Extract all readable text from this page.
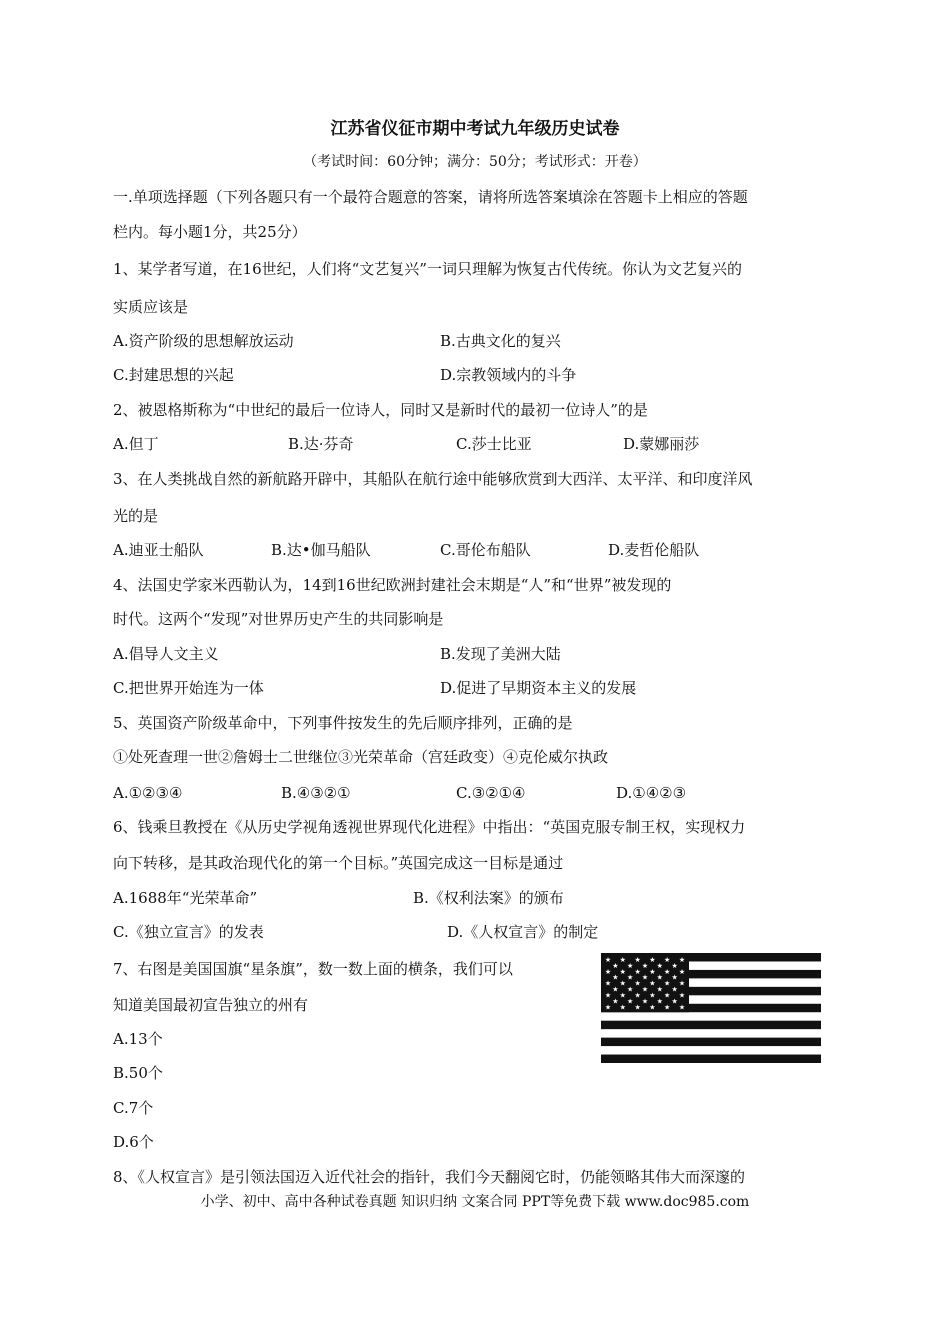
江苏省仪征市期中考试九年级历史试卷
（考试时间：60分钟；满分：50分；考试形式：开卷）
一.单项选择题（下列各题只有一个最符合题意的答案，请将所选答案填涂在答题卡上相应的答题
栏内。每小题1分，共25分）
1、某学者写道，在16世纪，人们将“文艺复兴”一词只理解为恢复古代传统。你认为文艺复兴的
实质应该是
A.资产阶级的思想解放运动	B.古典文化的复兴
C.封建思想的兴起	D.宗教领域内的斗争
2、被恩格斯称为“中世纪的最后一位诗人，同时又是新时代的最初一位诗人”的是
A.但丁	B.达·芬奇	C.莎士比亚	D.蒙娜丽莎
3、在人类挑战自然的新航路开辟中，其船队在航行途中能够欣赏到大西洋、太平洋、和印度洋风
光的是
A.迪亚士船队	B.达•伽马船队	C.哥伦布船队	D.麦哲伦船队
4、法国史学家米西勒认为，14到16世纪欧洲封建社会末期是“人”和“世界”被发现的
时代。这两个“发现”对世界历史产生的共同影响是
A.倡导人文主义	B.发现了美洲大陆
C.把世界开始连为一体	D.促进了早期资本主义的发展
5、英国资产阶级革命中，下列事件按发生的先后顺序排列，正确的是
①处死查理一世②詹姆士二世继位③光荣革命（宫廷政变）④克伦威尔执政
A.①②③④	B.④③②①	C.③②①④	D.①④②③
6、钱乘旦教授在《从历史学视角透视世界现代化进程》中指出：“英国克服专制王权，实现权力
向下转移，是其政治现代化的第一个目标。”英国完成这一目标是通过
A.1688年“光荣革命”	B.《权利法案》的颁布
C.《独立宣言》的发表	D.《人权宣言》的制定
7、右图是美国国旗“星条旗”，数一数上面的横条，我们可以
知道美国最初宣告独立的州有
A.13个
B.50个
C.7个
D.6个
★ ★ ★ ★ ★ ★
★ ★ ★ ★ ★
★ ★ ★ ★ ★ ★
★ ★ ★ ★ ★
★ ★ ★ ★ ★ ★
★ ★ ★ ★ ★
★ ★ ★ ★ ★ ★
★ ★ ★ ★ ★
★ ★ ★ ★ ★ ★
8、《人权宣言》是引领法国迈入近代社会的指针，我们今天翻阅它时，仍能领略其伟大而深邃的
小学、初中、高中各种试卷真题 知识归纳 文案合同 PPT等免费下载 www.doc985.com
